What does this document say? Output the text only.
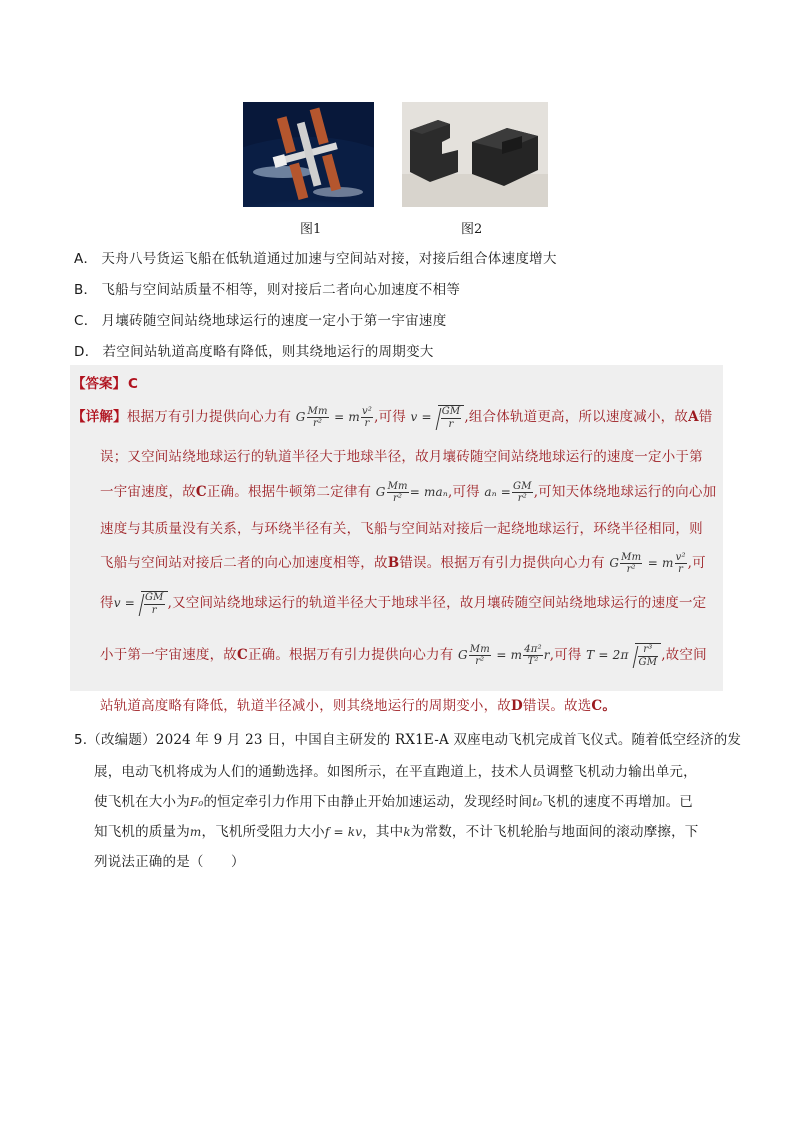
图1	图2
A． 天舟八号货运飞船在低轨道通过加速与空间站对接，对接后组合体速度增大
B． 飞船与空间站质量不相等，则对接后二者向心加速度不相等
C． 月壤砖随空间站绕地球运行的速度一定小于第一宇宙速度
D． 若空间站轨道高度略有降低，则其绕地运行的周期变大
【答案】 C
【详解】根据万有引力提供向心力有 G $\frac{Mm}{\text{r²}} = m \frac{\text{v²}}{r}$ ,可得 $v = \frac{GM}{r}$ ,组合体轨道更高，所以速度减小，故A错
误；又空间站绕地球运行的轨道半径大于地球半径，故月壤砖随空间站绕地球运行的速度一定小于第
一宇宙速度，故C正确。根据牛顿第二定律有 G $\frac{Mm}{\text{r²}} = ma_n$,可得 $a_n = \frac{GM}{\text{r²}}$ ,可知天体绕地球运行的向心加
速度与其质量没有关系，与环绕半径有关，飞船与空间站对接后一起绕地球运行，环绕半径相同，则
飞船与空间站对接后二者的向心加速度相等，故B错误。根据万有引力提供向心力有 G $\frac{Mm}{\text{r²}} = m \frac{\text{v²}}{r}$ ,可
得$v = \frac{GM}{r}$ ,又空间站绕地球运行的轨道半径大于地球半径，故月壤砖随空间站绕地球运行的速度一定
小于第一宇宙速度，故C正确。根据万有引力提供向心力有 G $\frac{Mm}{\text{r²}} = m \frac{\text{4π²}}{\text{T²}} r$,可得 $T = 2\pi \frac{\text{r³}}{GM}$ ,故空间
站轨道高度略有降低，轨道半径减小，则其绕地运行的周期变小，故D错误。故选C。
5.（改编题）2024 年 9 月 23 日，中国自主研发的 RX1E-A 双座电动飞机完成首飞仪式。随着低空经济的发
展，电动飞机将成为人们的通勤选择。如图所示，在平直跑道上，技术人员调整飞机动力输出单元，
使飞机在大小为F₀的恒定牵引力作用下由静止开始加速运动，发现经时间t₀飞机的速度不再增加。已
知飞机的质量为m，飞机所受阻力大小f = kv，其中k为常数，不计飞机轮胎与地面间的滚动摩擦，下
列说法正确的是（　　）
